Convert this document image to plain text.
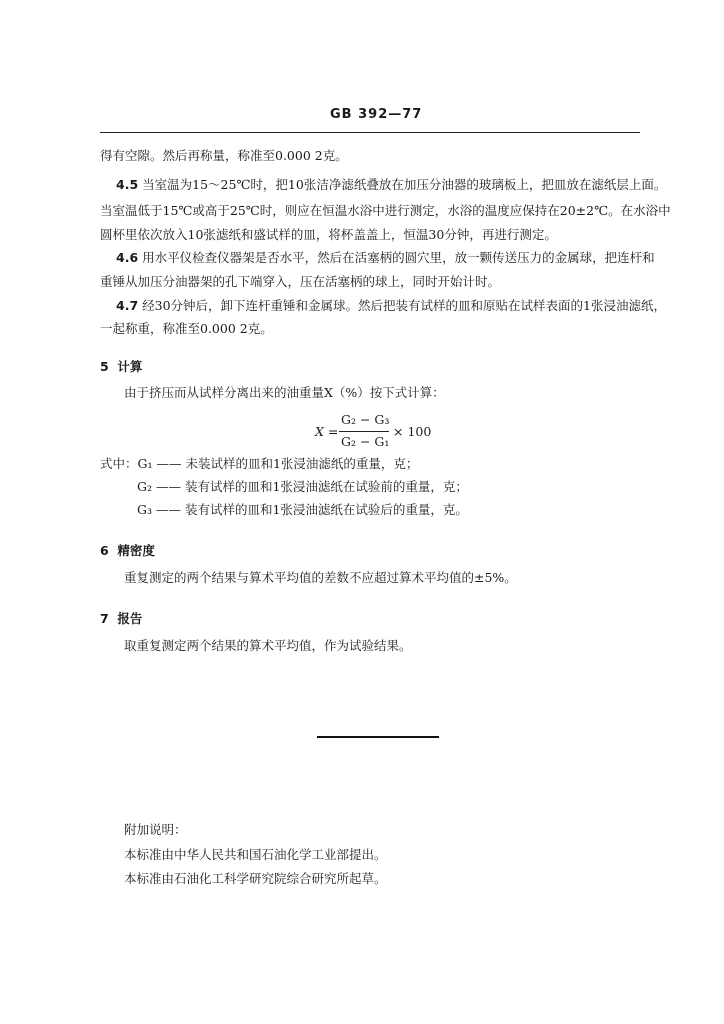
GB 392—77
得有空隙。然后再称量，称准至0.000 2克。
4.5 当室温为15～25℃时，把10张洁净滤纸叠放在加压分油器的玻璃板上，把皿放在滤纸层上面。
当室温低于15℃或高于25℃时，则应在恒温水浴中进行测定，水浴的温度应保持在20±2℃。在水浴中
圆杯里依次放入10张滤纸和盛试样的皿，将杯盖盖上，恒温30分钟，再进行测定。
4.6 用水平仪检查仪器架是否水平，然后在活塞柄的圆穴里，放一颗传送压力的金属球，把连杆和
重锤从加压分油器架的孔下端穿入，压在活塞柄的球上，同时开始计时。
4.7 经30分钟后，卸下连杆重锤和金属球。然后把装有试样的皿和原贴在试样表面的1张浸油滤纸，
一起称重，称准至0.000 2克。
5 计算
由于挤压而从试样分离出来的油重量X（%）按下式计算：
X =
G₂ − G₃
G₂ − G₁
× 100
式中：G₁ —— 未装试样的皿和1张浸油滤纸的重量，克；
G₂ —— 装有试样的皿和1张浸油滤纸在试验前的重量，克；
G₃ —— 装有试样的皿和1张浸油滤纸在试验后的重量，克。
6 精密度
重复测定的两个结果与算术平均值的差数不应超过算术平均值的±5%。
7 报告
取重复测定两个结果的算术平均值，作为试验结果。
附加说明：
本标准由中华人民共和国石油化学工业部提出。
本标准由石油化工科学研究院综合研究所起草。
